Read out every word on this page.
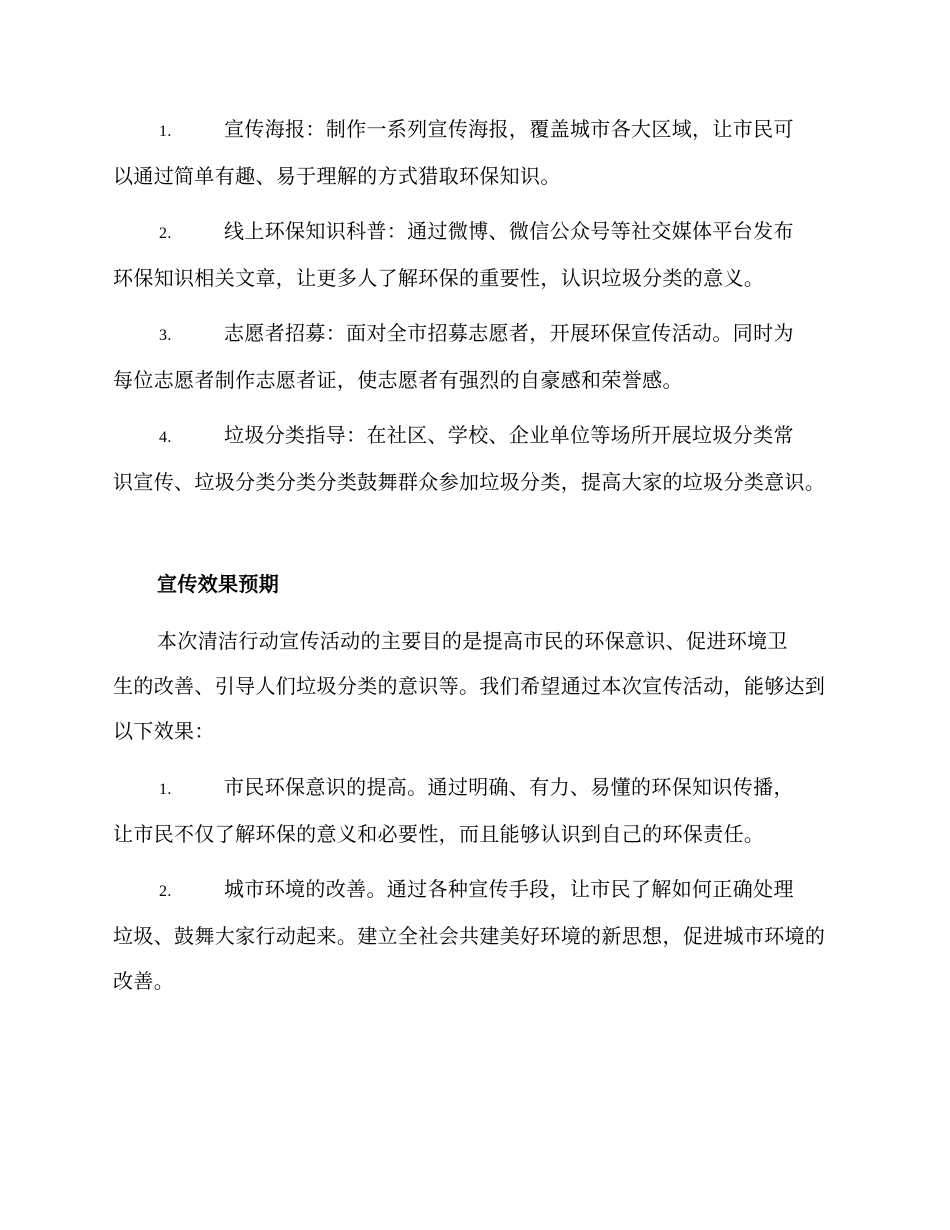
1.	宣传海报：制作一系列宣传海报，覆盖城市各大区域，让市民可
以通过简单有趣、易于理解的方式猎取环保知识。
2.	线上环保知识科普：通过微博、微信公众号等社交媒体平台发布
环保知识相关文章，让更多人了解环保的重要性，认识垃圾分类的意义。
3.	志愿者招募：面对全市招募志愿者，开展环保宣传活动。同时为
每位志愿者制作志愿者证，使志愿者有强烈的自豪感和荣誉感。
4.	垃圾分类指导：在社区、学校、企业单位等场所开展垃圾分类常
识宣传、垃圾分类分类分类鼓舞群众参加垃圾分类，提高大家的垃圾分类意识。
宣传效果预期
本次清洁行动宣传活动的主要目的是提高市民的环保意识、促进环境卫
生的改善、引导人们垃圾分类的意识等。我们希望通过本次宣传活动，能够达到以下效果：
1.	市民环保意识的提高。通过明确、有力、易懂的环保知识传播，
让市民不仅了解环保的意义和必要性，而且能够认识到自己的环保责任。
2.	城市环境的改善。通过各种宣传手段，让市民了解如何正确处理
垃圾、鼓舞大家行动起来。建立全社会共建美好环境的新思想，促进城市环境的改善。
